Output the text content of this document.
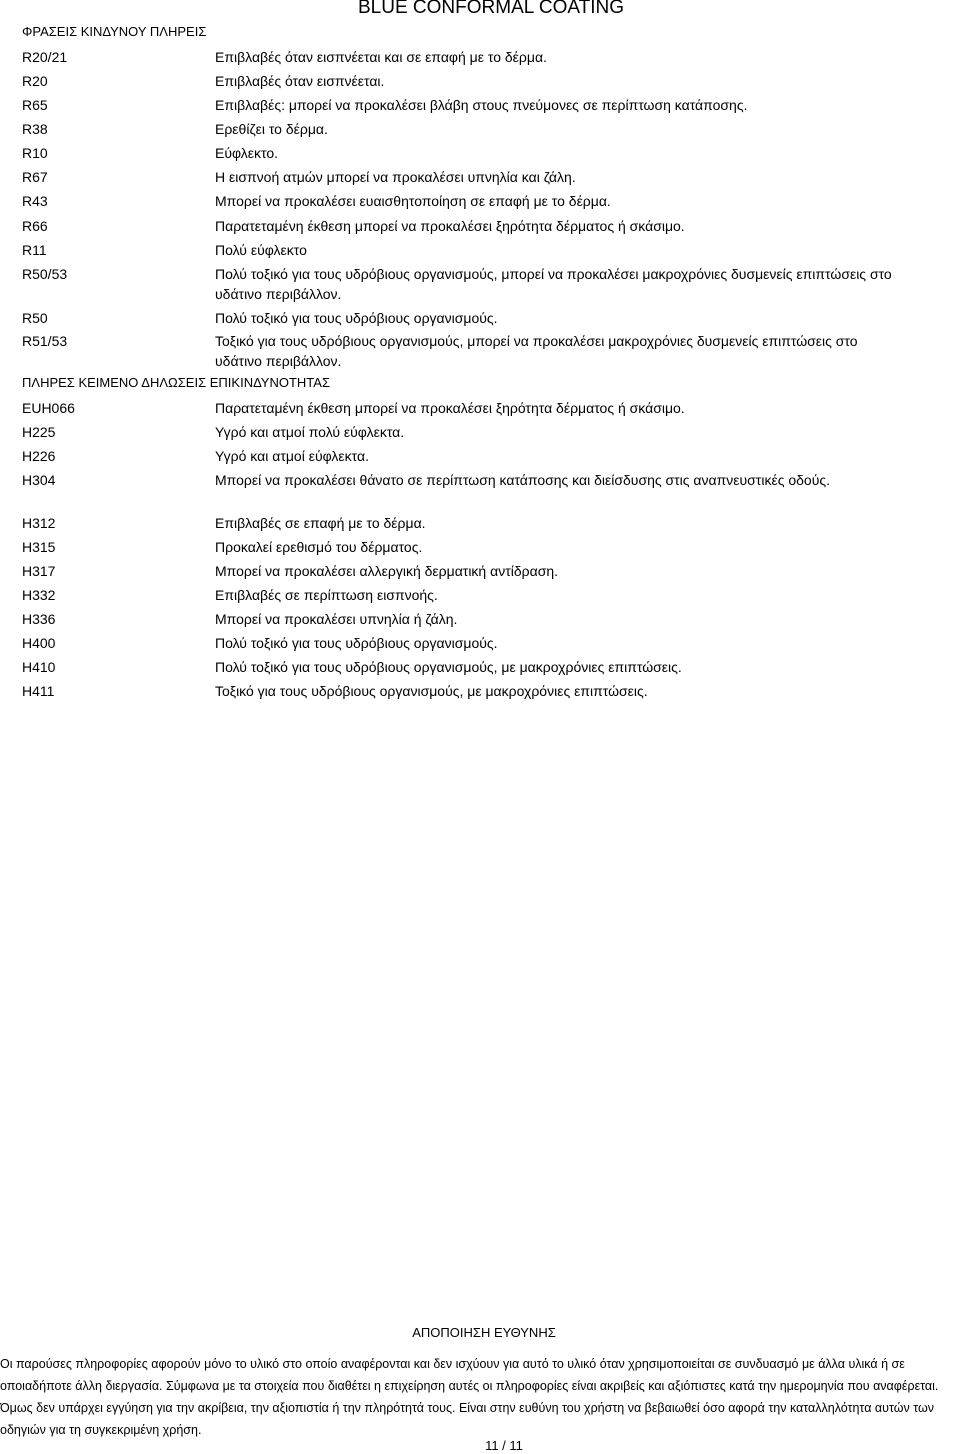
BLUE CONFORMAL COATING
ΦΡΑΣΕΙΣ ΚΙΝΔΥΝΟΥ ΠΛΗΡΕΙΣ
R20/21	Επιβλαβές όταν εισπνέεται και σε επαφή με το δέρμα.
R20	Επιβλαβές όταν εισπνέεται.
R65	Επιβλαβές: μπορεί να προκαλέσει βλάβη στους πνεύμονες σε περίπτωση κατάποσης.
R38	Ερεθίζει το δέρμα.
R10	Εύφλεκτο.
R67	Η εισπνοή ατμών μπορεί να προκαλέσει υπνηλία και ζάλη.
R43	Μπορεί να προκαλέσει ευαισθητοποίηση σε επαφή με το δέρμα.
R66	Παρατεταμένη έκθεση μπορεί να προκαλέσει ξηρότητα δέρματος ή σκάσιμο.
R11	Πολύ εύφλεκτο
R50/53	Πολύ τοξικό για τους υδρόβιους οργανισμούς, μπορεί να προκαλέσει μακροχρόνιες δυσμενείς επιπτώσεις στο υδάτινο περιβάλλον.
R50	Πολύ τοξικό για τους υδρόβιους οργανισμούς.
R51/53	Τοξικό για τους υδρόβιους οργανισμούς, μπορεί να προκαλέσει μακροχρόνιες δυσμενείς επιπτώσεις στο υδάτινο περιβάλλον.
ΠΛΗΡΕΣ ΚΕΙΜΕΝΟ ΔΗΛΩΣΕΙΣ ΕΠΙΚΙΝΔΥΝΟΤΗΤΑΣ
EUH066	Παρατεταμένη έκθεση μπορεί να προκαλέσει ξηρότητα δέρματος ή σκάσιμο.
H225	Υγρό και ατμοί πολύ εύφλεκτα.
H226	Υγρό και ατμοί εύφλεκτα.
H304	Μπορεί να προκαλέσει θάνατο σε περίπτωση κατάποσης και διείσδυσης στις αναπνευστικές οδούς.
H312	Επιβλαβές σε επαφή με το δέρμα.
H315	Προκαλεί ερεθισμό του δέρματος.
H317	Μπορεί να προκαλέσει αλλεργική δερματική αντίδραση.
H332	Επιβλαβές σε περίπτωση εισπνοής.
H336	Μπορεί να προκαλέσει υπνηλία ή ζάλη.
H400	Πολύ τοξικό για τους υδρόβιους οργανισμούς.
H410	Πολύ τοξικό για τους υδρόβιους οργανισμούς, με μακροχρόνιες επιπτώσεις.
H411	Τοξικό για τους υδρόβιους οργανισμούς, με μακροχρόνιες επιπτώσεις.
ΑΠΟΠΟΙΗΣΗ ΕΥΘΥΝΗΣ
Οι παρούσες πληροφορίες αφορούν μόνο το υλικό στο οποίο αναφέρονται και δεν ισχύουν για αυτό το υλικό όταν χρησιμοποιείται σε συνδυασμό με άλλα υλικά ή σε οποιαδήποτε άλλη διεργασία. Σύμφωνα με τα στοιχεία που διαθέτει η επιχείρηση αυτές οι πληροφορίες είναι ακριβείς και αξιόπιστες κατά την ημερομηνία που αναφέρεται. Όμως δεν υπάρχει εγγύηση για την ακρίβεια, την αξιοπιστία ή την πληρότητά τους. Είναι στην ευθύνη του χρήστη να βεβαιωθεί όσο αφορά την καταλληλότητα αυτών των οδηγιών για τη συγκεκριμένη χρήση.
11 / 11
